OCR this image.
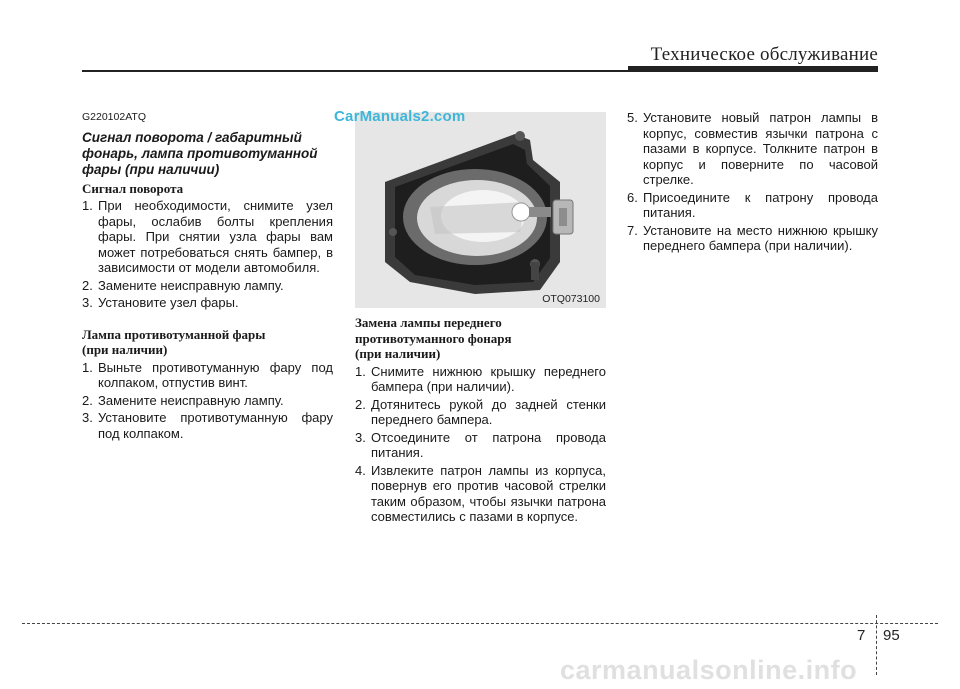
Техническое обслуживание
G220102ATQ
Сигнал поворота / габаритный фонарь, лампа противотуманной фары (при наличии)
Сигнал поворота
1. При необходимости, снимите узел фары, ослабив болты крепления фары. При снятии узла фары вам может потребоваться снять бампер, в зависимости от модели автомобиля.
2. Замените неисправную лампу.
3. Установите узел фары.
Лампа противотуманной фары
(при наличии)
1. Выньте противотуманную фару под колпаком, отпустив винт.
2. Замените неисправную лампу.
3. Установите противотуманную фару под колпаком.
OTQ073100
CarManuals2.com
Замена лампы переднего
противотуманного фонаря
(при наличии)
1. Снимите нижнюю крышку переднего бампера (при наличии).
2. Дотянитесь рукой до задней стенки переднего бампера.
3. Отсоедините от патрона провода питания.
4. Извлеките патрон лампы из корпуса, повернув его против часовой стрелки таким образом, чтобы язычки патрона совместились с пазами в корпусе.
5. Установите новый патрон лампы в корпус, совместив язычки патрона с пазами в корпусе. Толкните патрон в корпус и поверните по часовой стрелке.
6. Присоедините к патрону провода питания.
7. Установите на место нижнюю крышку переднего бампера (при наличии).
7 95
carmanualsonline.info
